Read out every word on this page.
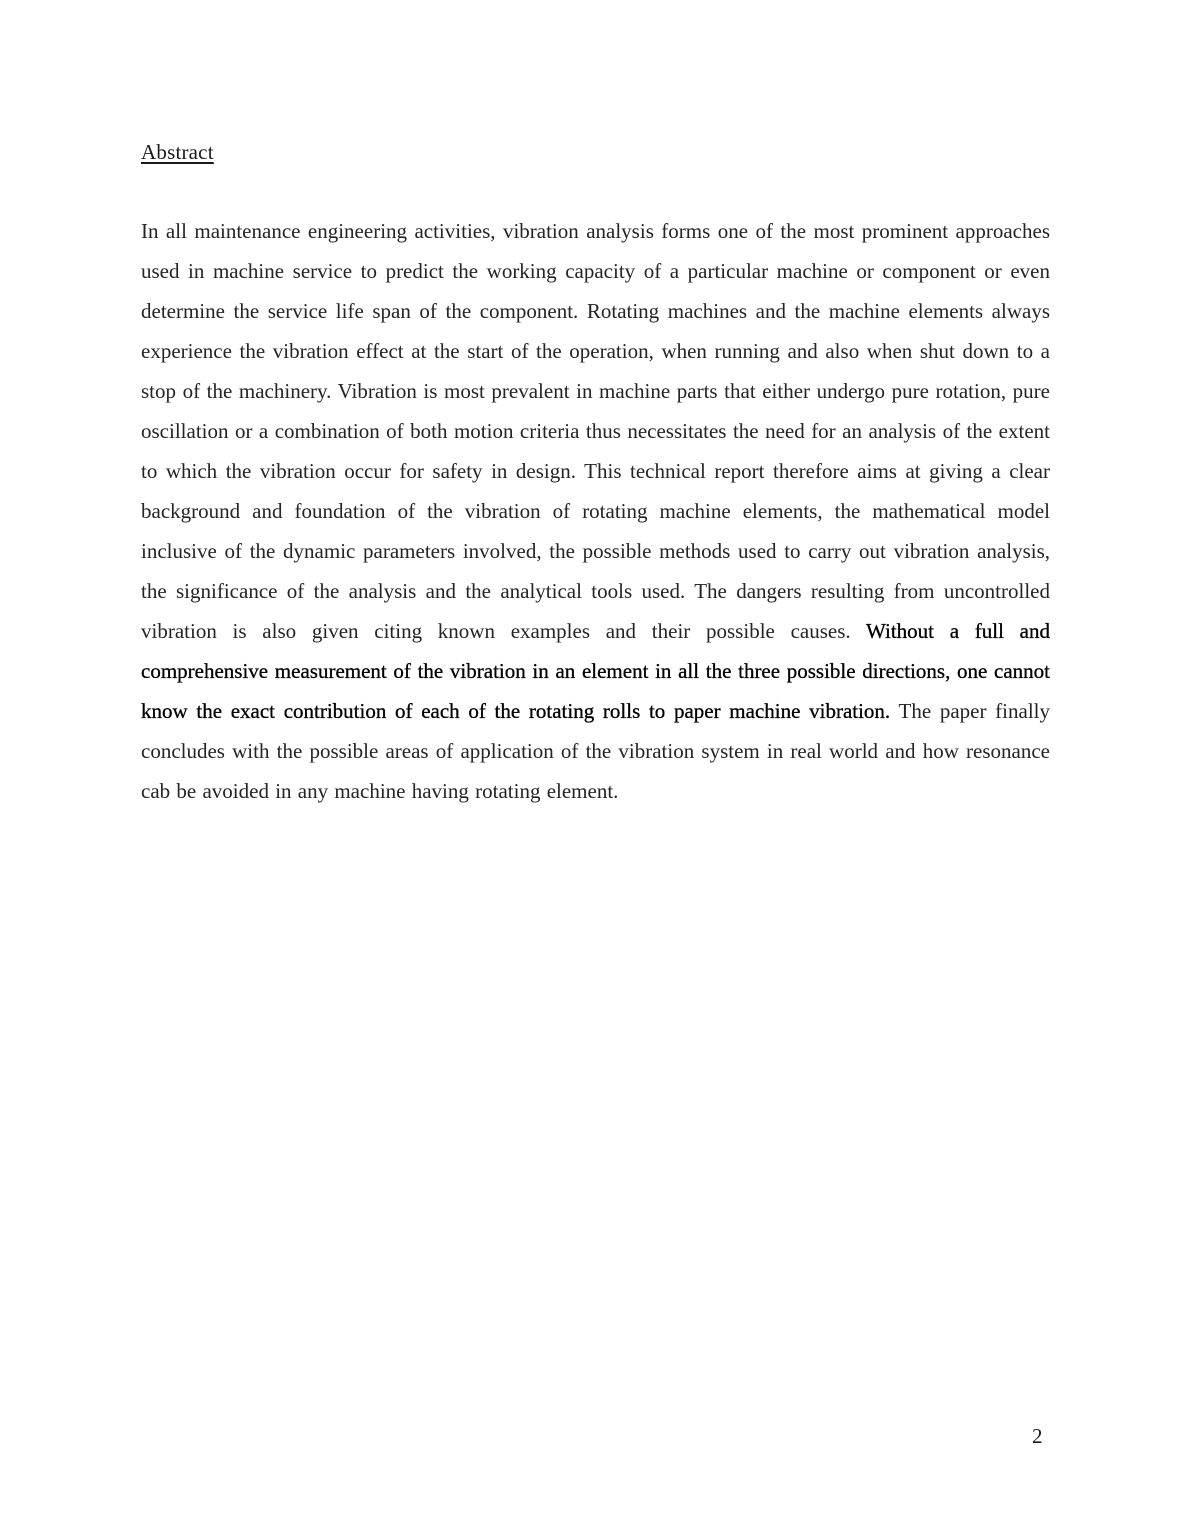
Abstract

In all maintenance engineering activities, vibration analysis forms one of the most prominent approaches used in machine service to predict the working capacity of a particular machine or component or even determine the service life span of the component. Rotating machines and the machine elements always experience the vibration effect at the start of the operation, when running and also when shut down to a stop of the machinery. Vibration is most prevalent in machine parts that either undergo pure rotation, pure oscillation or a combination of both motion criteria thus necessitates the need for an analysis of the extent to which the vibration occur for safety in design. This technical report therefore aims at giving a clear background and foundation of the vibration of rotating machine elements, the mathematical model inclusive of the dynamic parameters involved, the possible methods used to carry out vibration analysis, the significance of the analysis and the analytical tools used. The dangers resulting from uncontrolled vibration is also given citing known examples and their possible causes. Without a full and comprehensive measurement of the vibration in an element in all the three possible directions, one cannot know the exact contribution of each of the rotating rolls to paper machine vibration. The paper finally concludes with the possible areas of application of the vibration system in real world and how resonance cab be avoided in any machine having rotating element.

2
